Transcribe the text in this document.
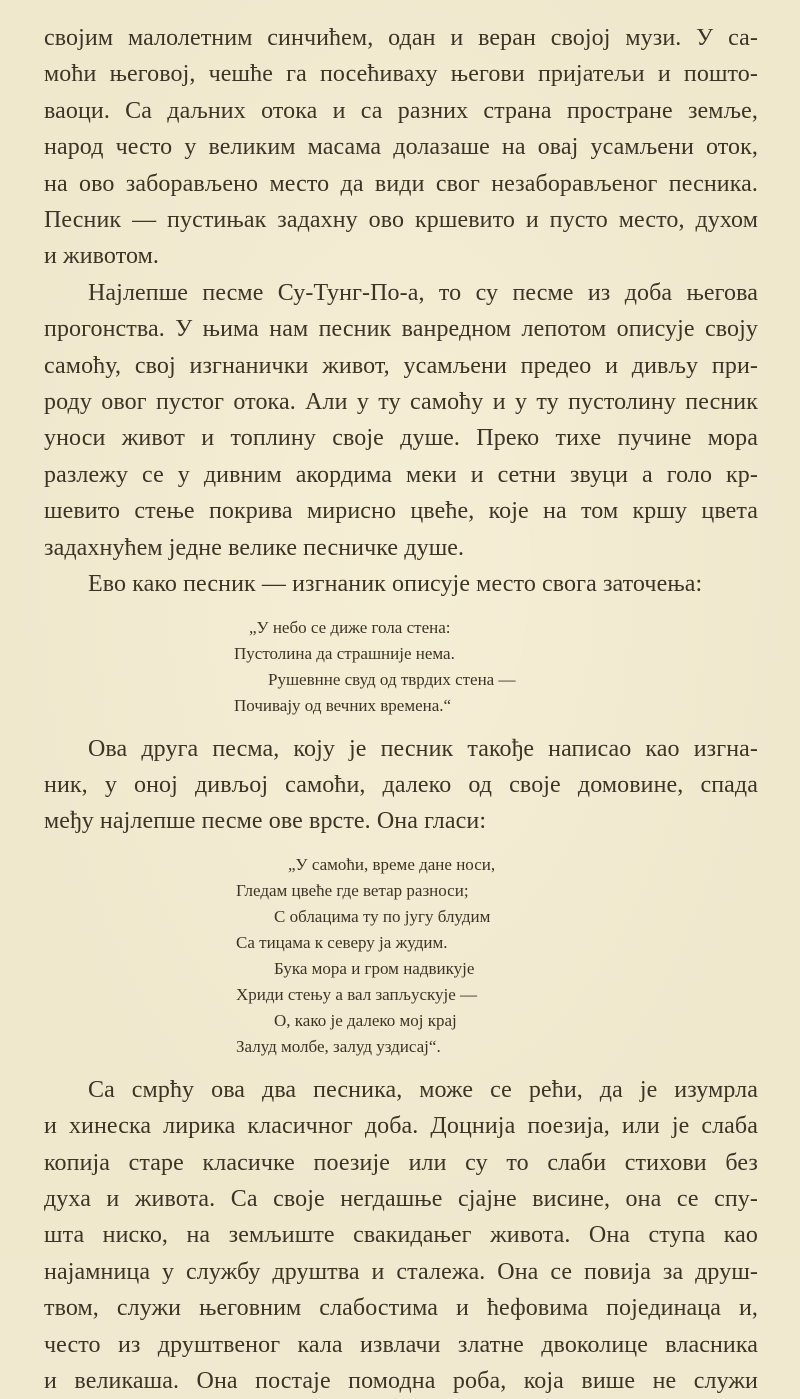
својим малолетним синчићем, одан и веран својој музи. У са-
моћи његовој, чешће га посећиваху његови пријатељи и пошто-
ваоци. Са даљних отока и са разних страна простране земље,
народ често у великим масама долазаше на овај усамљени оток,
на ово заборављено место да види свог незаборављеног песника.
Песник — пустињак задахну ово кршевито и пусто место, духом
и животом.

Најлепше песме Су-Тунг-По-а, то су песме из доба његова
прогонства. У њима нам песник ванредном лепотом описује своју
самоћу, свој изгнанички живот, усамљени предео и дивљу при-
роду овог пустог отока. Али у ту самоћу и у ту пустолину песник
уноси живот и топлину своје душе. Преко тихе пучине мора
разлежу се у дивним акордима меки и сетни звуци а голо кр-
шевито стење покрива мирисно цвеће, које на том кршу цвета
задахнућем једне велике песничке душе.

Ево како песник — изгнаник описује место свога заточења:

„У небо се диже гола стена:
Пустолина да страшније нема.
Рушевнне свуд од тврдих стена —
Почивају од вечних времена.“

Ова друга песма, коју је песник такође написао као изгна-
ник, у оној дивљој самоћи, далеко од своје домовине, спада
међу најлепше песме ове врсте. Она гласи:

„У самоћи, време дане носи,
Гледам цвеће где ветар разноси;
С облацима ту по југу блудим
Са тицама к северу ја жудим.
Бука мора и гром надвикује
Хриди стењу а вал запљускује —
О, како је далеко мој крај
Залуд молбе, залуд уздисај“.

Са смрћу ова два песника, може се рећи, да је изумрла
и хинеска лирика класичног доба. Доцнија поезија, или је слаба
копија старе класичке поезије или су то слаби стихови без
духа и живота. Са своје негдашње сјајне висине, она се спу-
шта ниско, на земљиште свакидањег живота. Она ступа као
најамница у службу друштва и сталежа. Она се повија за друш-
твом, служи његовним слабостима и ћефовима појединаца и,
често из друштвеног кала извлачи златне двоколице власника
и великаша. Она постаје помодна роба, која више не служи
